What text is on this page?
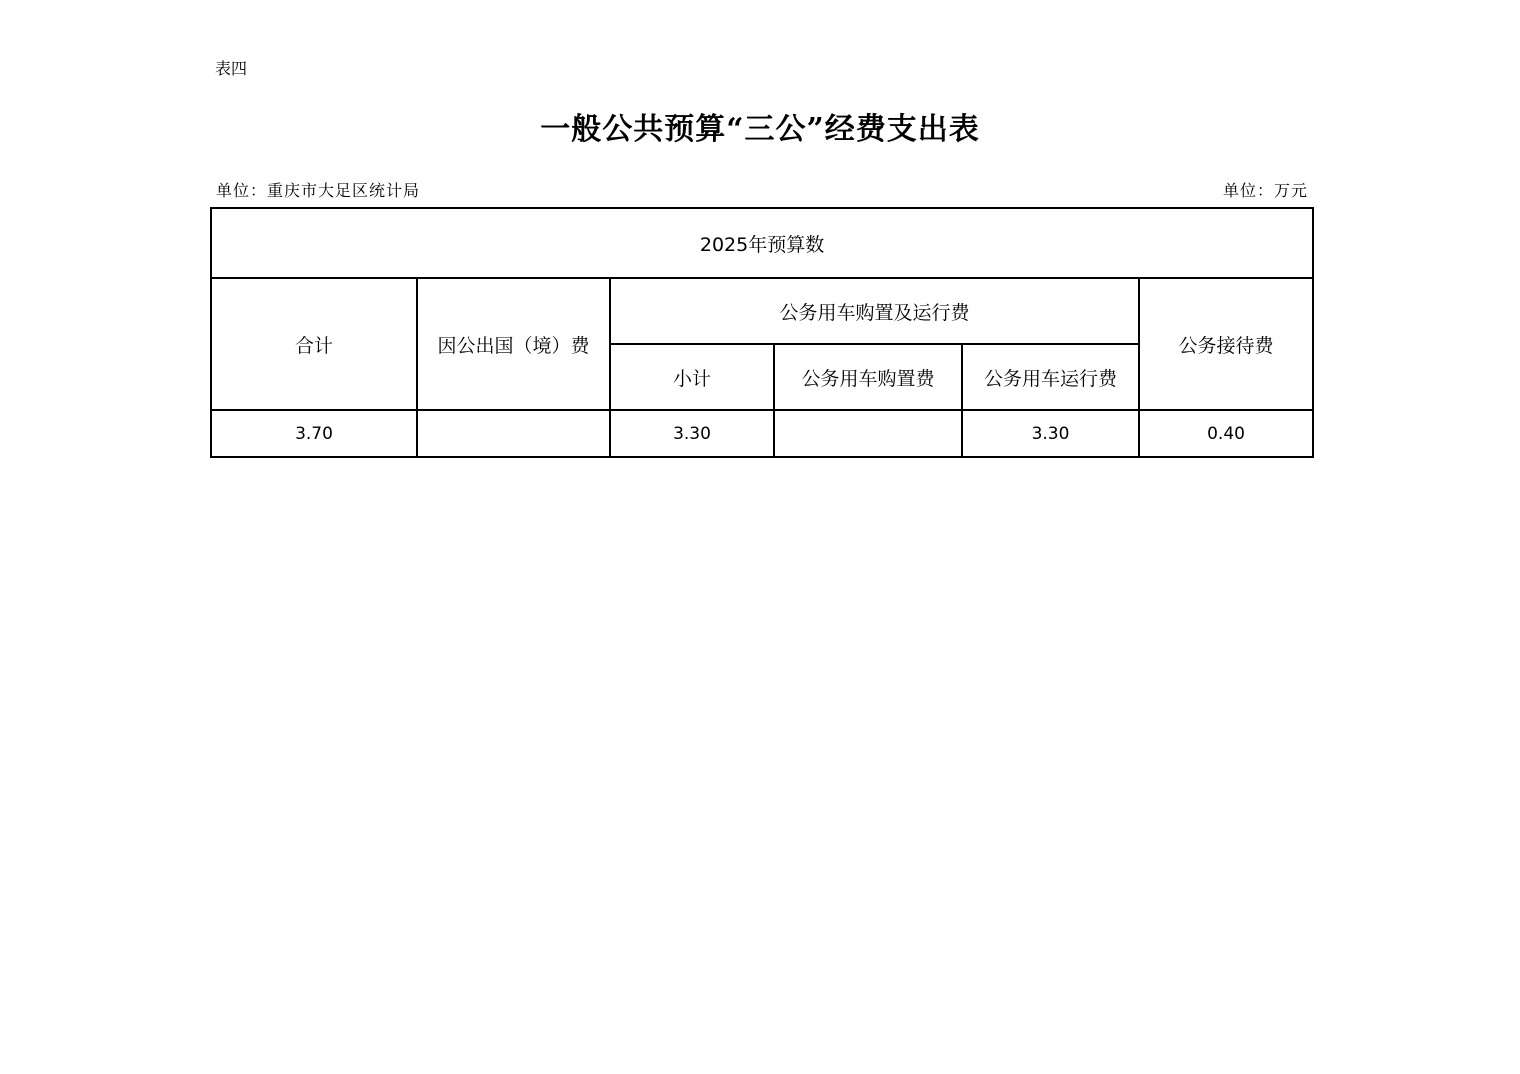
表四
一般公共预算“三公”经费支出表
单位：重庆市大足区统计局	单位：万元
2025年预算数					
合计	因公出国（境）费	公务用车购置及运行费			公务接待费
		小计	公务用车购置费	公务用车运行费	
3.70		3.30		3.30	0.40
